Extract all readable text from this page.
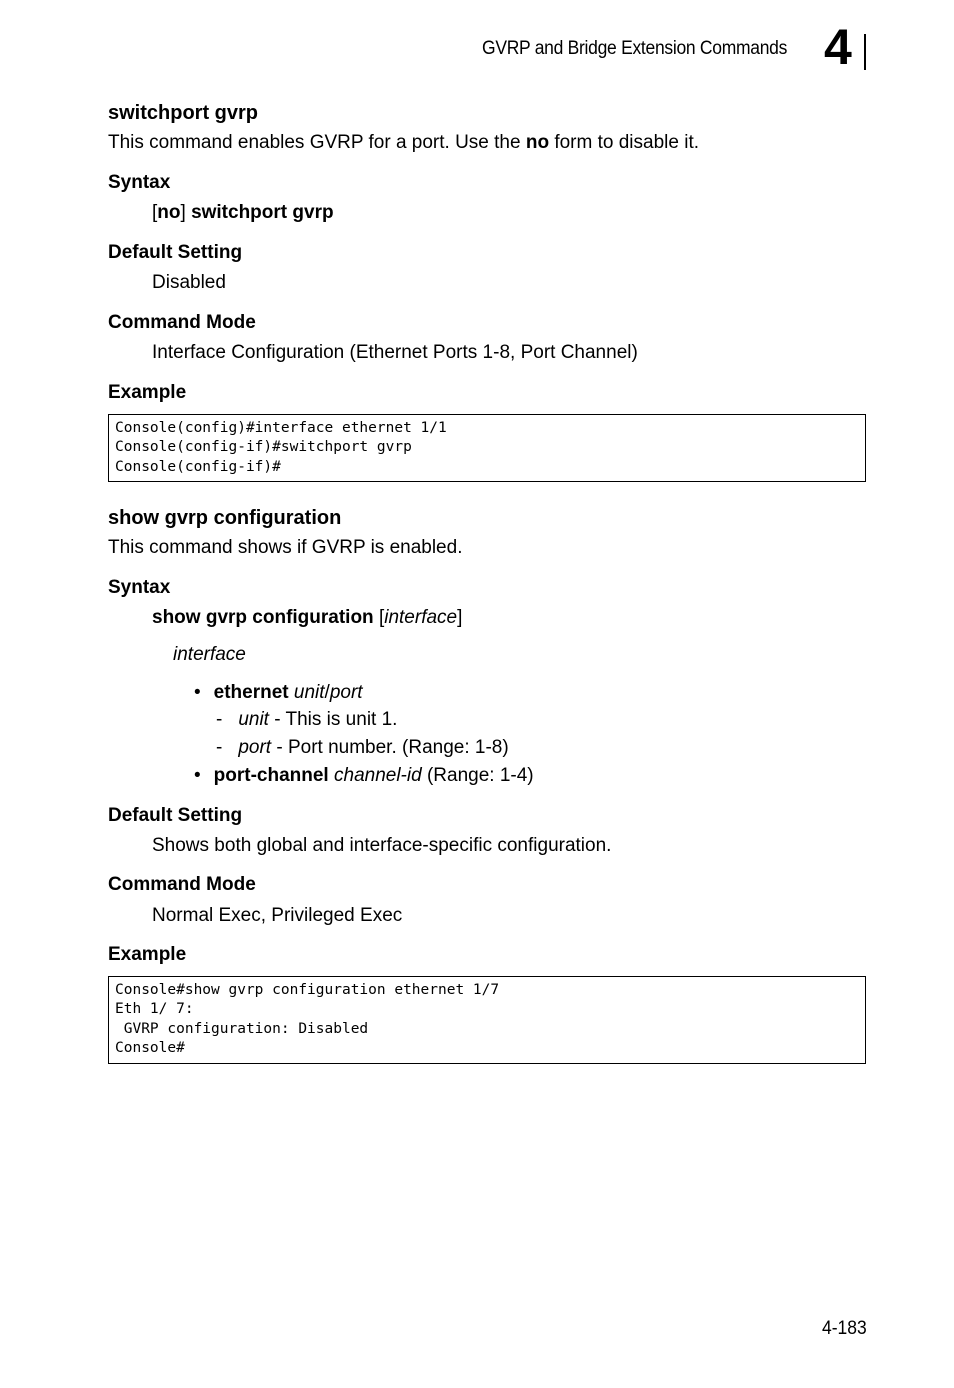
GVRP and Bridge Extension Commands 4
switchport gvrp
This command enables GVRP for a port. Use the no form to disable it.
Syntax
[no] switchport gvrp
Default Setting
Disabled
Command Mode
Interface Configuration (Ethernet Ports 1-8, Port Channel)
Example
Console(config)#interface ethernet 1/1
Console(config-if)#switchport gvrp
Console(config-if)#
show gvrp configuration
This command shows if GVRP is enabled.
Syntax
show gvrp configuration [interface]
interface
• ethernet unit/port
- unit - This is unit 1.
- port - Port number. (Range: 1-8)
• port-channel channel-id (Range: 1-4)
Default Setting
Shows both global and interface-specific configuration.
Command Mode
Normal Exec, Privileged Exec
Example
Console#show gvrp configuration ethernet 1/7
Eth 1/ 7:
GVRP configuration: Disabled
Console#
4-183
